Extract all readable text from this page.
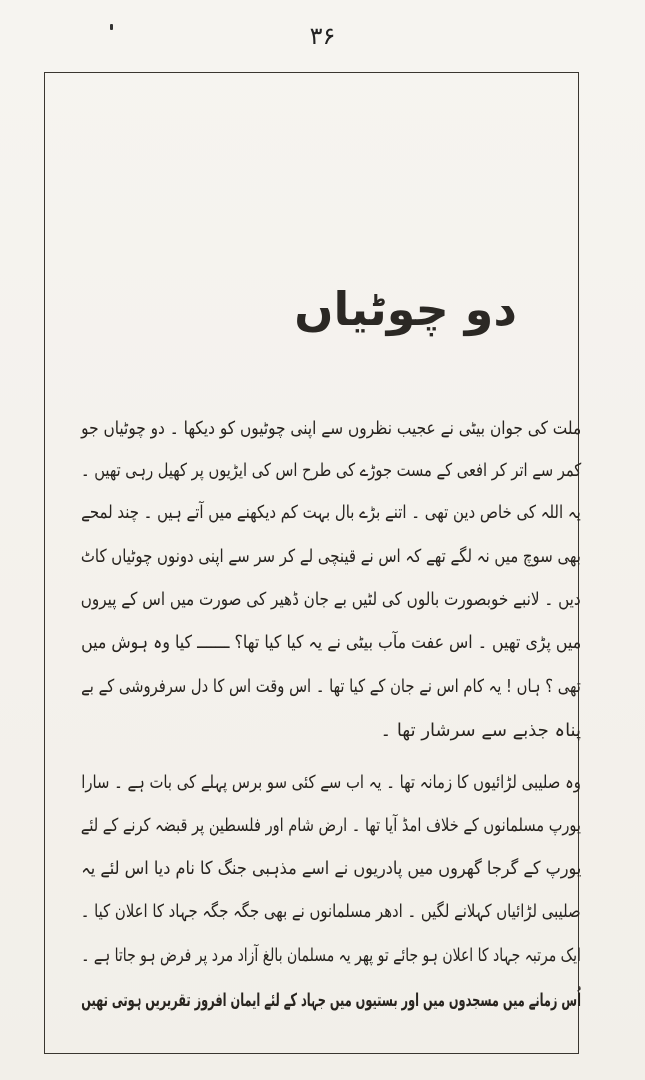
۳۶
دو چوٹیاں
ملت کی جوان بیٹی نے عجیب نظروں سے اپنی چوٹیوں کو دیکھا ۔ دو چوٹیاں جو
کمر سے اتر کر افعی کے مست جوڑے کی طرح اس کی ایڑیوں پر کھیل رہی تھیں ۔
یہ اللہ کی خاص دین تھی ۔ اتنے بڑے بال بہت کم دیکھنے میں آتے ہیں ۔ چند لمحے
بھی سوچ میں نہ لگے تھے کہ اس نے قینچی لے کر سر سے اپنی دونوں چوٹیاں کاٹ
دیں ۔ لانبے خوبصورت بالوں کی لٹیں بے جان ڈھیر کی صورت میں اس کے پیروں
میں پڑی تھیں ۔ اس عفت مآب بیٹی نے یہ کیا کیا تھا؟ ـــــــ کیا وہ ہوش میں
تھی ؟ ہاں ! یہ کام اس نے جان کے کیا تھا ۔ اس وقت اس کا دل سرفروشی کے بے
پناہ جذبے سے سرشار تھا ۔
وہ صلیبی لڑائیوں کا زمانہ تھا ۔ یہ اب سے کئی سو برس پہلے کی بات ہے ۔ سارا
یورپ مسلمانوں کے خلاف امڈ آیا تھا ۔ ارض شام اور فلسطین پر قبضہ کرنے کے لئے
یورپ کے گرجا گھروں میں پادریوں نے اسے مذہبی جنگ کا نام دیا اس لئے یہ
صلیبی لڑائیاں کہلانے لگیں ۔ ادھر مسلمانوں نے بھی جگہ جگہ جہاد کا اعلان کیا ۔
ایک مرتبہ جہاد کا اعلان ہو جائے تو پھر یہ مسلمان بالغ آزاد مرد پر فرض ہو جاتا ہے ۔
اُس زمانے میں مسجدوں میں اور بستیوں میں جہاد کے لئے ایمان افروز تقریریں ہوتی تھیں
